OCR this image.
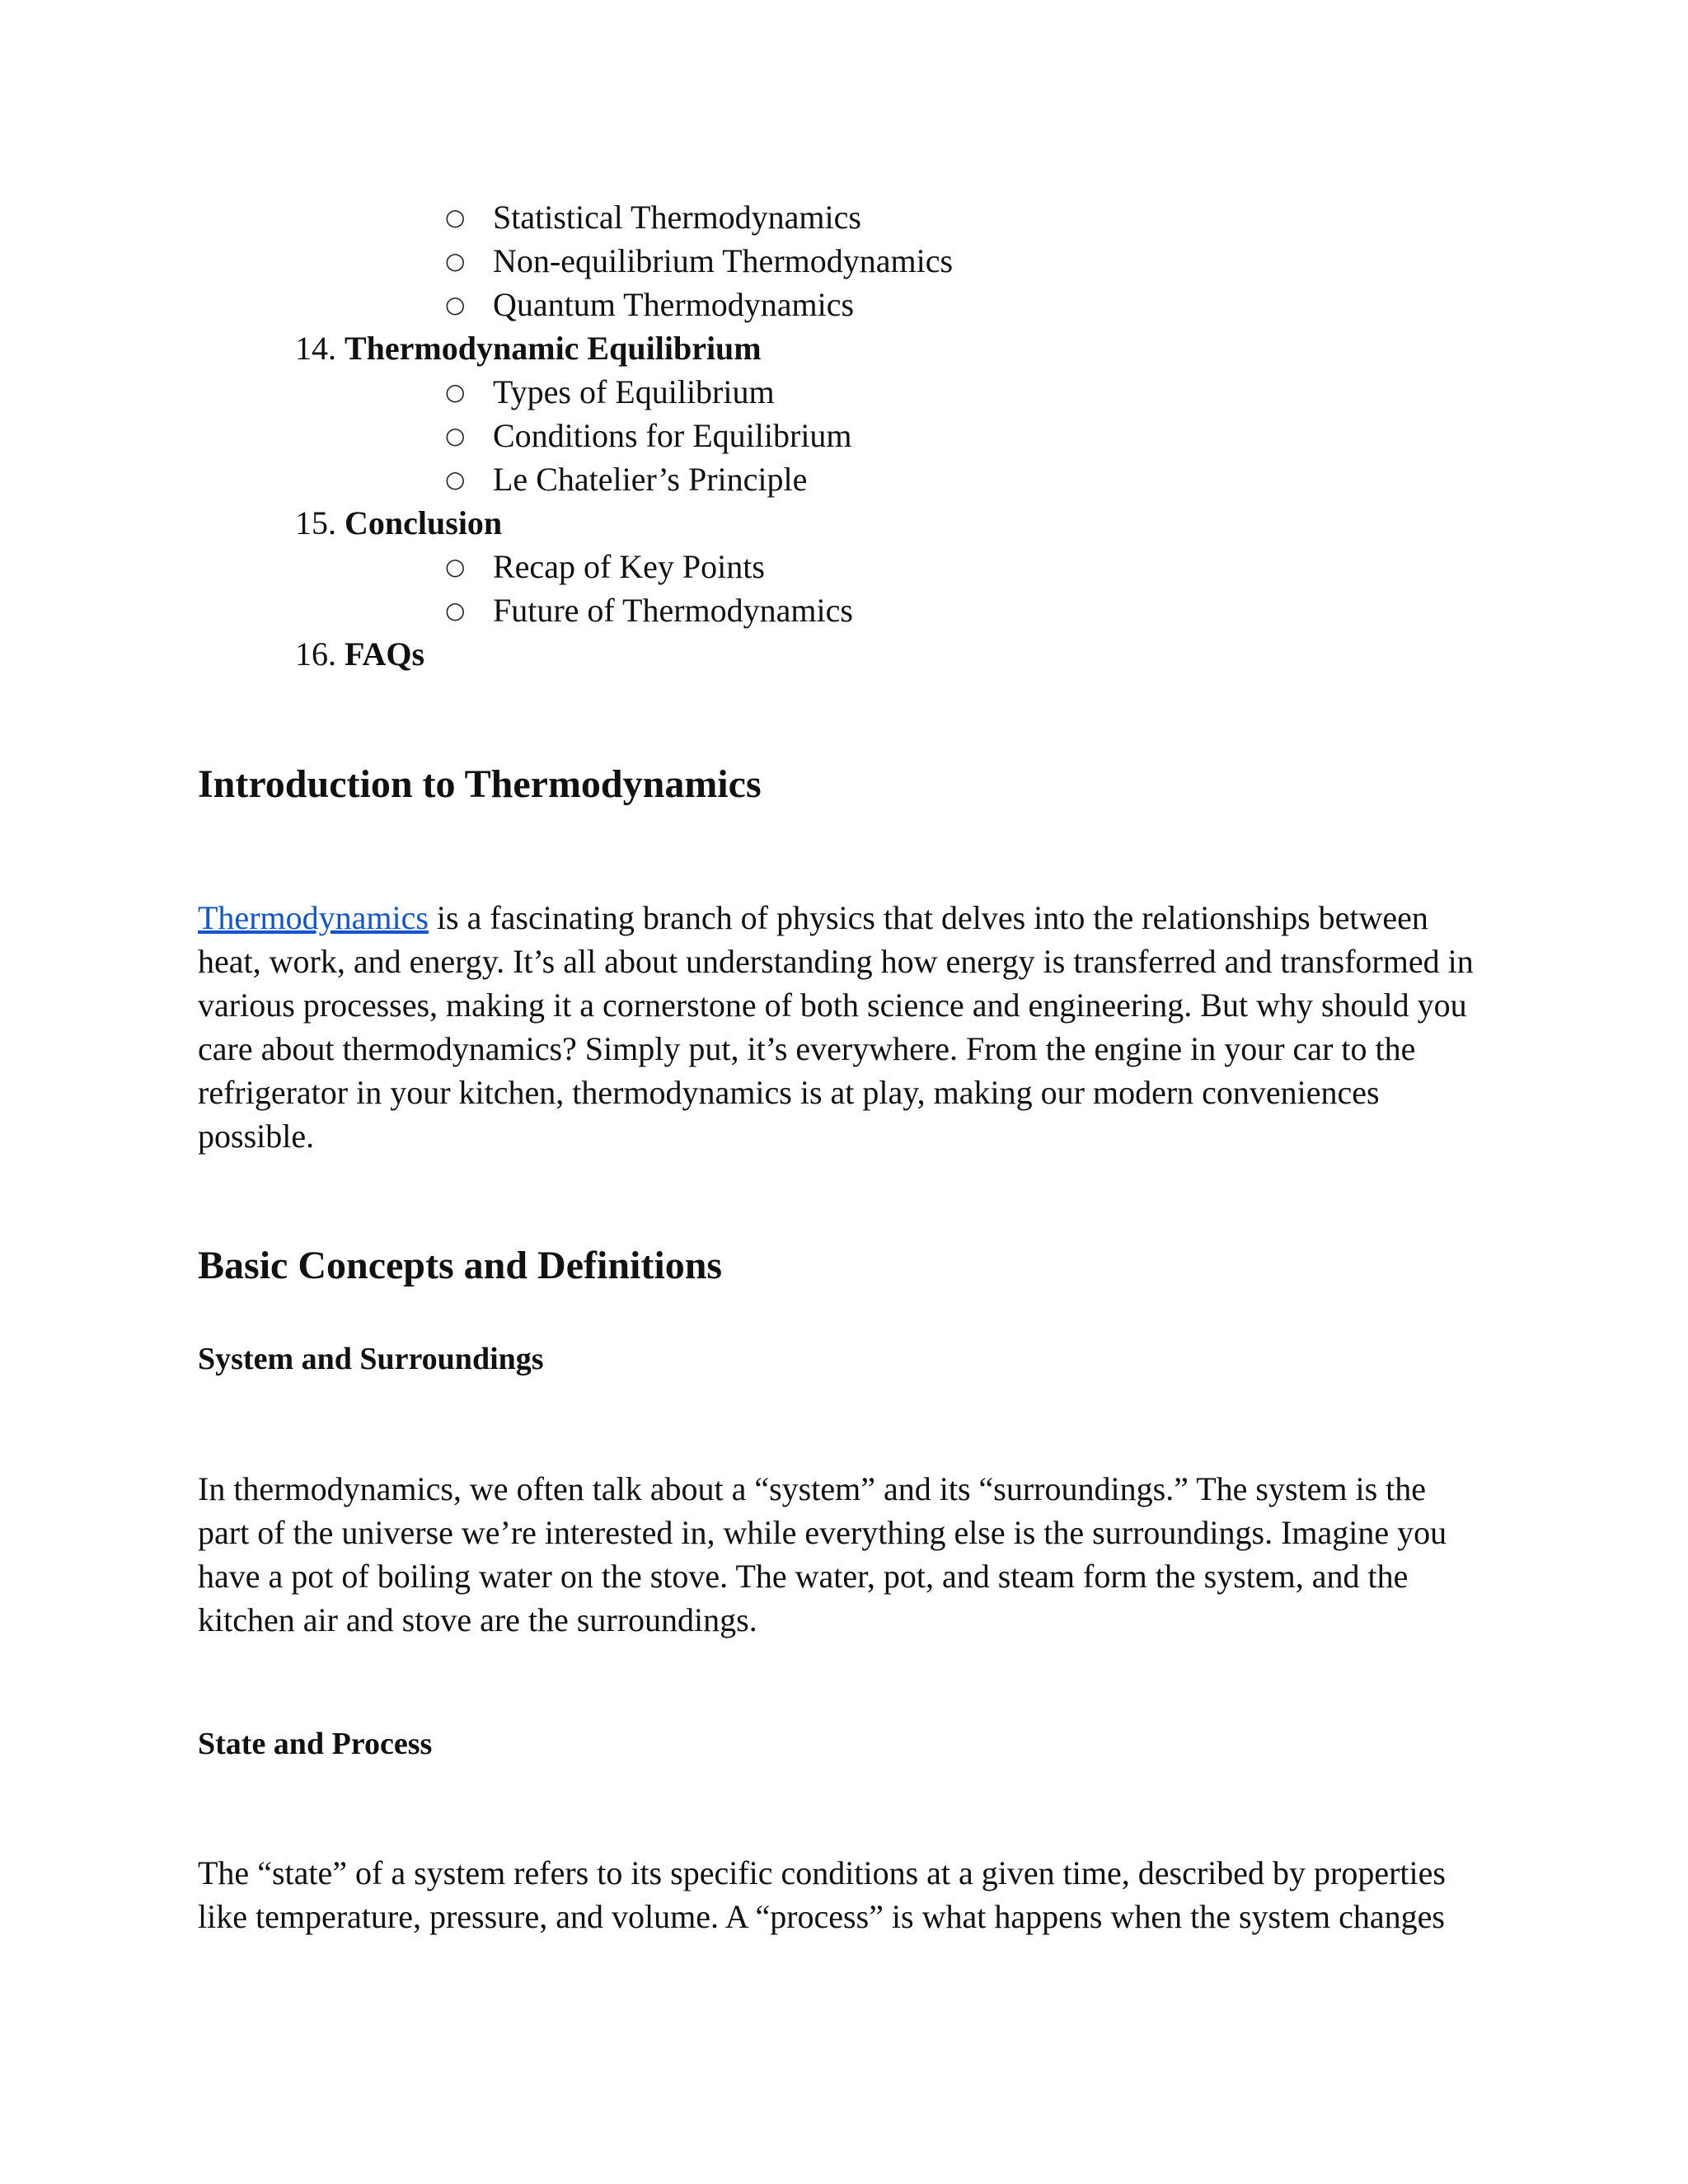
○ Statistical Thermodynamics
○ Non-equilibrium Thermodynamics
○ Quantum Thermodynamics
14. Thermodynamic Equilibrium
○ Types of Equilibrium
○ Conditions for Equilibrium
○ Le Chatelier’s Principle
15. Conclusion
○ Recap of Key Points
○ Future of Thermodynamics
16. FAQs
Introduction to Thermodynamics
Thermodynamics is a fascinating branch of physics that delves into the relationships between
heat, work, and energy. It’s all about understanding how energy is transferred and transformed in
various processes, making it a cornerstone of both science and engineering. But why should you
care about thermodynamics? Simply put, it’s everywhere. From the engine in your car to the
refrigerator in your kitchen, thermodynamics is at play, making our modern conveniences
possible.
Basic Concepts and Definitions
System and Surroundings
In thermodynamics, we often talk about a “system” and its “surroundings.” The system is the
part of the universe we’re interested in, while everything else is the surroundings. Imagine you
have a pot of boiling water on the stove. The water, pot, and steam form the system, and the
kitchen air and stove are the surroundings.
State and Process
The “state” of a system refers to its specific conditions at a given time, described by properties
like temperature, pressure, and volume. A “process” is what happens when the system changes
